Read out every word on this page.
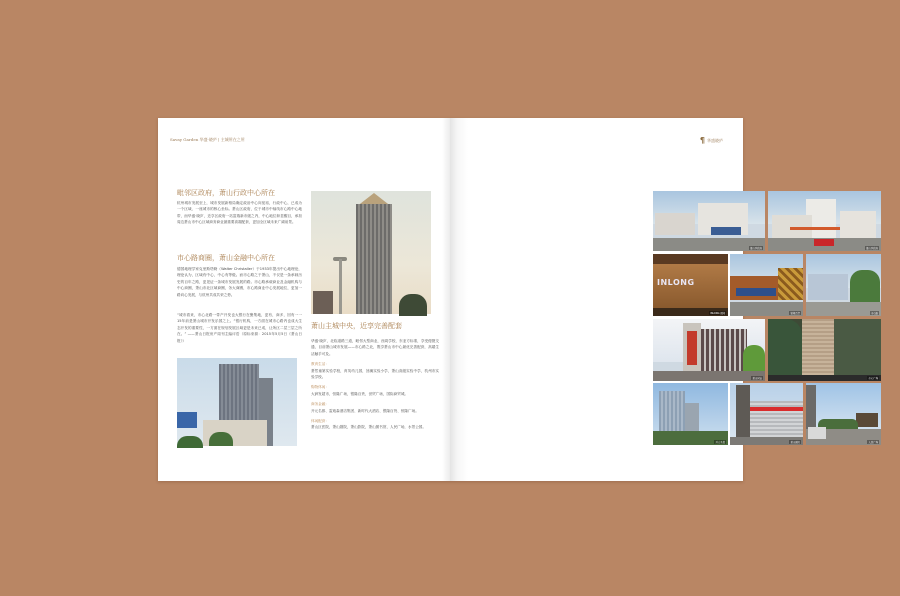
Savay Garden 华盛·晓庐 | 主城所在之所
毗邻区政府，萧山行政中心所在
杭州城市发展至上，城市发展新格局确定政治中心向宽裕，行政中心，已成为一个区域、一座城市的核心坐标。萧山区政府，位于城市中轴线市心路中心地带，而华盛·晓庐，近享区政府一站富瑞新市级之内，中心地位彰显醒目，承担周边萧山市中心区域商务商业最重要高端配套，更加全区域未来广阔前景。
市心路商圈，萧山金融中心所在
德国地理学家克里斯塔勒（Walter Christaller）于1933年提出中心地理论，理论认为，区域有中心，中心有等级。而市心路之于萧山，不仅是一条承载历史的百年之路，更见证一条城市发展发展的路。市心路承载商业及金融机构与中心商圈，萧山市北区域商圈，务大商圈，市心路商业中心发展地位，更加一路向心发展，与杭州共成共荣之势。
“城市看来，市心北路一带产开发也大银行在聚集地，更有，商多，因有一一15年前是萧山城市开发乐园之上。“银行机构，一方面在城市心路内也成大生态开发的重要性，一方面在规划发展区域更是未来已成，让所区二层三层之所在。” ——萧山日报房产周刊主编评语（原标来源：2015年5月5日《萧山日报》）
萧山主城中央，近享完善配套
华盛·晓庐，北临道路三道，毗邻大型商业，西周学校，东亚方标准，享受便捷交通，目前萧山城市发展——市心路之北，既享萧山市中心最优完善配套，高端生活触手可及。
教育生活：
萧然童第实验学校，育英幼儿园，回澜实验小学，萧山高级实验中学，杭州市实验学校。
购物休闲：
大润发超市，恒隆广场，银隆百货，世贸广场，国际商贸城。
商务金融：
开元名都、雷迪森酒店集团、新时代大酒店、银隆百货、恒隆广场。
休闲配套：
萧山区医院，萧山剧院，萧山影院，萧山图书馆，人民广场，水景公园。
¶ 华盛晓庐
萧山区政府	萧山区政府
INLONG
INLONG 银隆	银隆百货	市心路
萧山宾馆	市心广场
开元名都	萧山剧院	人民广场
